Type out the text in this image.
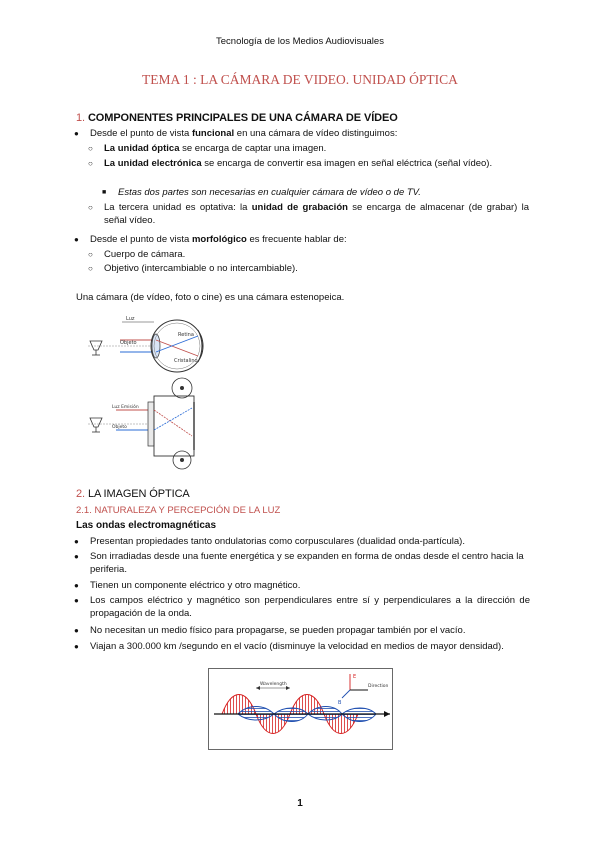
Tecnología de los Medios Audiovisuales
TEMA 1 : LA CÁMARA DE VIDEO. UNIDAD ÓPTICA
1. COMPONENTES PRINCIPALES DE UNA CÁMARA DE VÍDEO
● Desde el punto de vista funcional en una cámara de vídeo distinguimos:
○ La unidad óptica se encarga de captar una imagen.
○ La unidad electrónica se encarga de convertir esa imagen en señal eléctrica (señal vídeo).
■ Estas dos partes son necesarias en cualquier cámara de vídeo o de TV.
○ La tercera unidad es optativa: la unidad de grabación se encarga de almacenar (de grabar) la señal vídeo.
● Desde el punto de vista morfológico es frecuente hablar de:
○ Cuerpo de cámara.
○ Objetivo (intercambiable o no intercambiable).
Una cámara (de vídeo, foto o cine) es una cámara estenopeica.
Luz
Objeto
Retina
Cristalino
Luz Emisión
Objeto
2. LA IMAGEN ÓPTICA
2.1. NATURALEZA Y PERCEPCIÓN DE LA LUZ
Las ondas electromagnéticas
● Presentan propiedades tanto ondulatorias como corpusculares (dualidad onda-partícula).
● Son irradiadas desde una fuente energética y se expanden en forma de ondas desde el centro hacia la periferia.
● Tienen un componente eléctrico y otro magnético.
● Los campos eléctrico y magnético son perpendiculares entre sí y perpendiculares a la dirección de propagación de la onda.
● No necesitan un medio físico para propagarse, se pueden propagar también por el vacío.
● Viajan a 300.000 km /segundo en el vacío (disminuye la velocidad en medios de mayor densidad).
Wavelength
E
B
Direction
1
